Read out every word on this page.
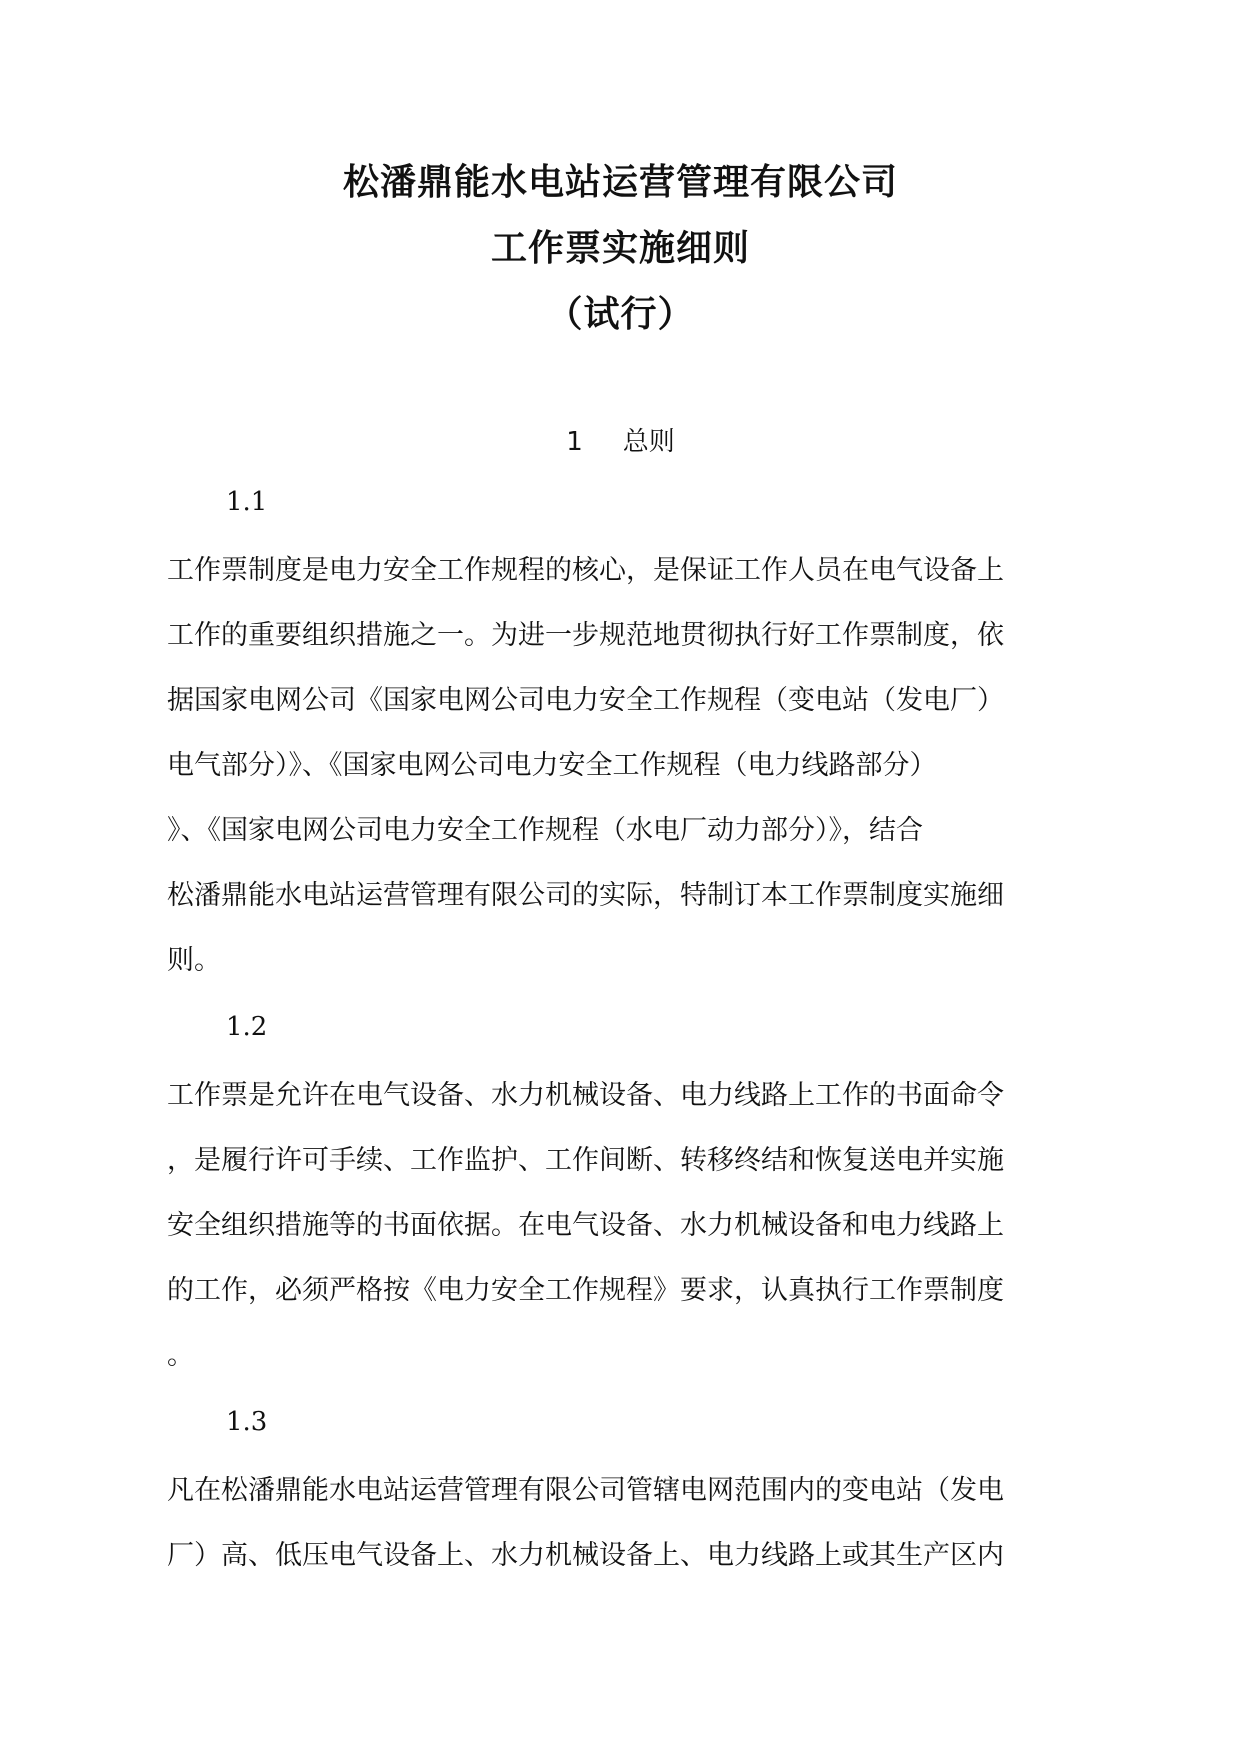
松潘鼎能水电站运营管理有限公司
工作票实施细则
（试行）
1 总则
1.1
工作票制度是电力安全工作规程的核心，是保证工作人员在电气设备上
工作的重要组织措施之一。为进一步规范地贯彻执行好工作票制度，依
据国家电网公司《国家电网公司电力安全工作规程（变电站（发电厂）
电气部分）》、《国家电网公司电力安全工作规程（电力线路部分）
》、《国家电网公司电力安全工作规程（水电厂动力部分）》，结合
松潘鼎能水电站运营管理有限公司的实际，特制订本工作票制度实施细
则。
1.2
工作票是允许在电气设备、水力机械设备、电力线路上工作的书面命令
，是履行许可手续、工作监护、工作间断、转移终结和恢复送电并实施
安全组织措施等的书面依据。在电气设备、水力机械设备和电力线路上
的工作，必须严格按《电力安全工作规程》要求，认真执行工作票制度
。
1.3
凡在松潘鼎能水电站运营管理有限公司管辖电网范围内的变电站（发电
厂）高、低压电气设备上、水力机械设备上、电力线路上或其生产区内
